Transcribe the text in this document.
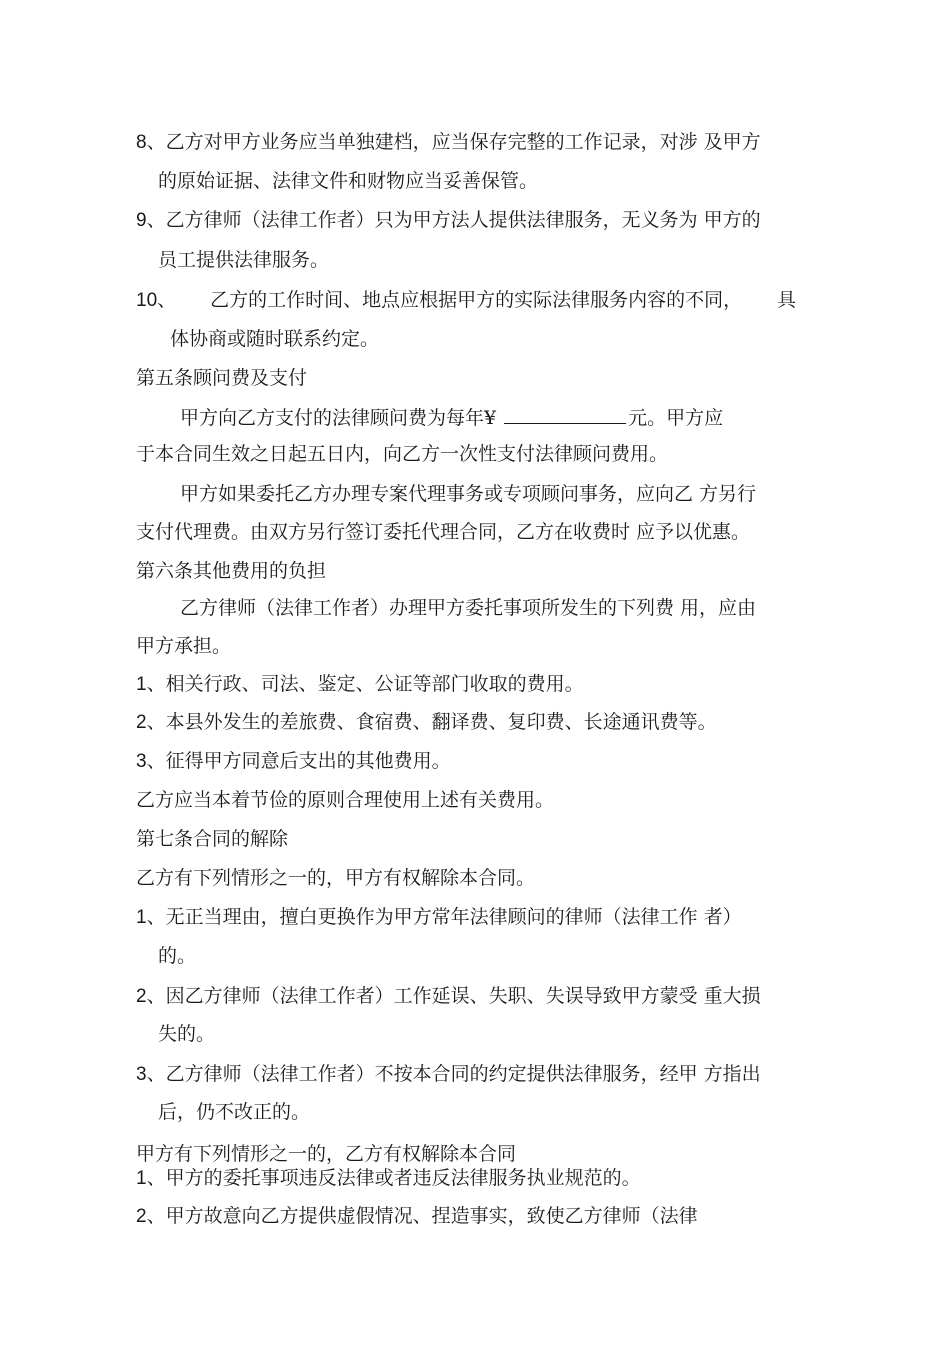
8、乙方对甲方业务应当单独建档，应当保存完整的工作记录，对涉 及甲方
的原始证据、法律文件和财物应当妥善保管。
9、乙方律师（法律工作者）只为甲方法人提供法律服务，无义务为 甲方的
员工提供法律服务。
10、 乙方的工作时间、地点应根据甲方的实际法律服务内容的不同， 具
体协商或随时联系约定。
第五条顾问费及支付
甲方向乙方支付的法律顾问费为每年¥	元。甲方应
于本合同生效之日起五日内，向乙方一次性支付法律顾问费用。
甲方如果委托乙方办理专案代理事务或专项顾问事务，应向乙 方另行
支付代理费。由双方另行签订委托代理合同，乙方在收费时 应予以优惠。
第六条其他费用的负担
乙方律师（法律工作者）办理甲方委托事项所发生的下列费 用，应由
甲方承担。
1、相关行政、司法、鉴定、公证等部门收取的费用。
2、本县外发生的差旅费、食宿费、翻译费、复印费、长途通讯费等。
3、征得甲方同意后支出的其他费用。
乙方应当本着节俭的原则合理使用上述有关费用。
第七条合同的解除
乙方有下列情形之一的，甲方有权解除本合同。
1、无正当理由，擅白更换作为甲方常年法律顾问的律师（法律工作 者）
的。
2、因乙方律师（法律工作者）工作延误、失职、失误导致甲方蒙受 重大损
失的。
3、乙方律师（法律工作者）不按本合同的约定提供法律服务，经甲 方指出
后，仍不改正的。
甲方有下列情形之一的，乙方有权解除本合同
1、甲方的委托事项违反法律或者违反法律服务执业规范的。
2、甲方故意向乙方提供虚假情况、捏造事实，致使乙方律师（法律
